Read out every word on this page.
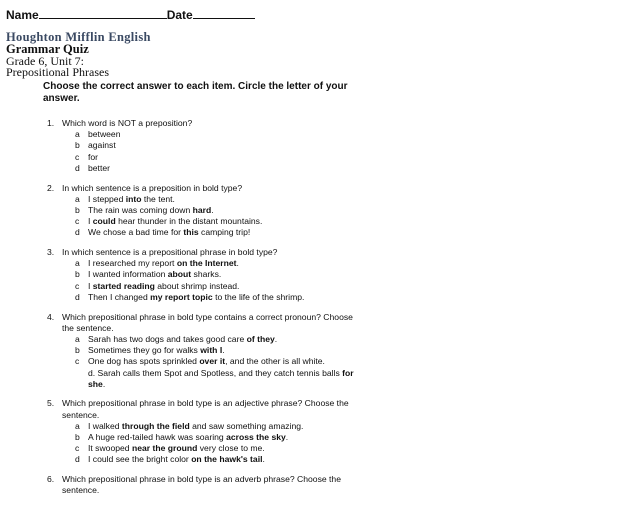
Name	Date
Houghton Mifflin English
Grammar Quiz
Grade 6, Unit 7:
Prepositional Phrases
Choose the correct answer to each item. Circle the letter of your answer.
1. Which word is NOT a preposition?
a between
b against
c for
d better
2. In which sentence is a preposition in bold type?
a I stepped into the tent.
b The rain was coming down hard.
c I could hear thunder in the distant mountains.
d We chose a bad time for this camping trip!
3. In which sentence is a prepositional phrase in bold type?
a I researched my report on the Internet.
b I wanted information about sharks.
c I started reading about shrimp instead.
d Then I changed my report topic to the life of the shrimp.
4. Which prepositional phrase in bold type contains a correct pronoun? Choose the sentence.
a Sarah has two dogs and takes good care of they.
b Sometimes they go for walks with I.
c One dog has spots sprinkled over it, and the other is all white.
d. Sarah calls them Spot and Spotless, and they catch tennis balls for she.
5. Which prepositional phrase in bold type is an adjective phrase? Choose the sentence.
a I walked through the field and saw something amazing.
b A huge red-tailed hawk was soaring across the sky.
c It swooped near the ground very close to me.
d I could see the bright color on the hawk's tail.
6. Which prepositional phrase in bold type is an adverb phrase? Choose the sentence.
